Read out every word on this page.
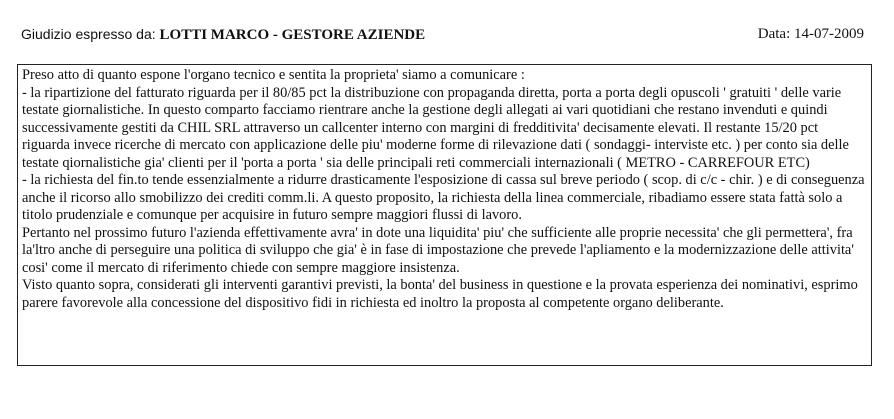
Giudizio espresso da: LOTTI MARCO - GESTORE AZIENDE	Data: 14-07-2009

Preso atto di quanto espone l'organo tecnico e sentita la proprieta' siamo a comunicare :

- la ripartizione del fatturato riguarda per il 80/85 pct la distribuzione con propaganda diretta, porta a porta degli opuscoli ' gratuiti ' delle varie testate giornalistiche. In questo comparto facciamo rientrare anche la gestione degli allegati ai vari quotidiani che restano invenduti e quindi successivamente gestiti da CHIL SRL attraverso un callcenter interno con margini di fredditivita' decisamente elevati. Il restante 15/20 pct riguarda invece ricerche di mercato con applicazione delle piu' moderne forme di rilevazione dati ( sondaggi- interviste etc. ) per conto sia delle testate qiornalistiche gia' clienti per il 'porta a porta ' sia delle principali reti commerciali internazionali ( METRO - CARREFOUR ETC)

- la richiesta del fin.to tende essenzialmente a ridurre drasticamente l'esposizione di cassa sul breve periodo ( scop. di c/c - chir. ) e di conseguenza anche il ricorso allo smobilizzo dei crediti comm.li. A questo proposito, la richiesta della linea commerciale, ribadiamo essere stata fattà solo a titolo prudenziale e comunque per acquisire in futuro sempre maggiori flussi di lavoro.

Pertanto nel prossimo futuro l'azienda effettivamente avra' in dote una liquidita' piu' che sufficiente alle proprie necessita' che gli permettera', fra la'ltro anche di perseguire una politica di sviluppo che gia' è in fase di impostazione che prevede l'apliamento e la modernizzazione delle attivita' cosi' come il mercato di riferimento chiede con sempre maggiore insistenza.

Visto quanto sopra, considerati gli interventi garantivi previsti, la bonta' del business in questione e la provata esperienza dei nominativi, esprimo parere favorevole alla concessione del dispositivo fidi in richiesta ed inoltro la proposta al competente organo deliberante.
